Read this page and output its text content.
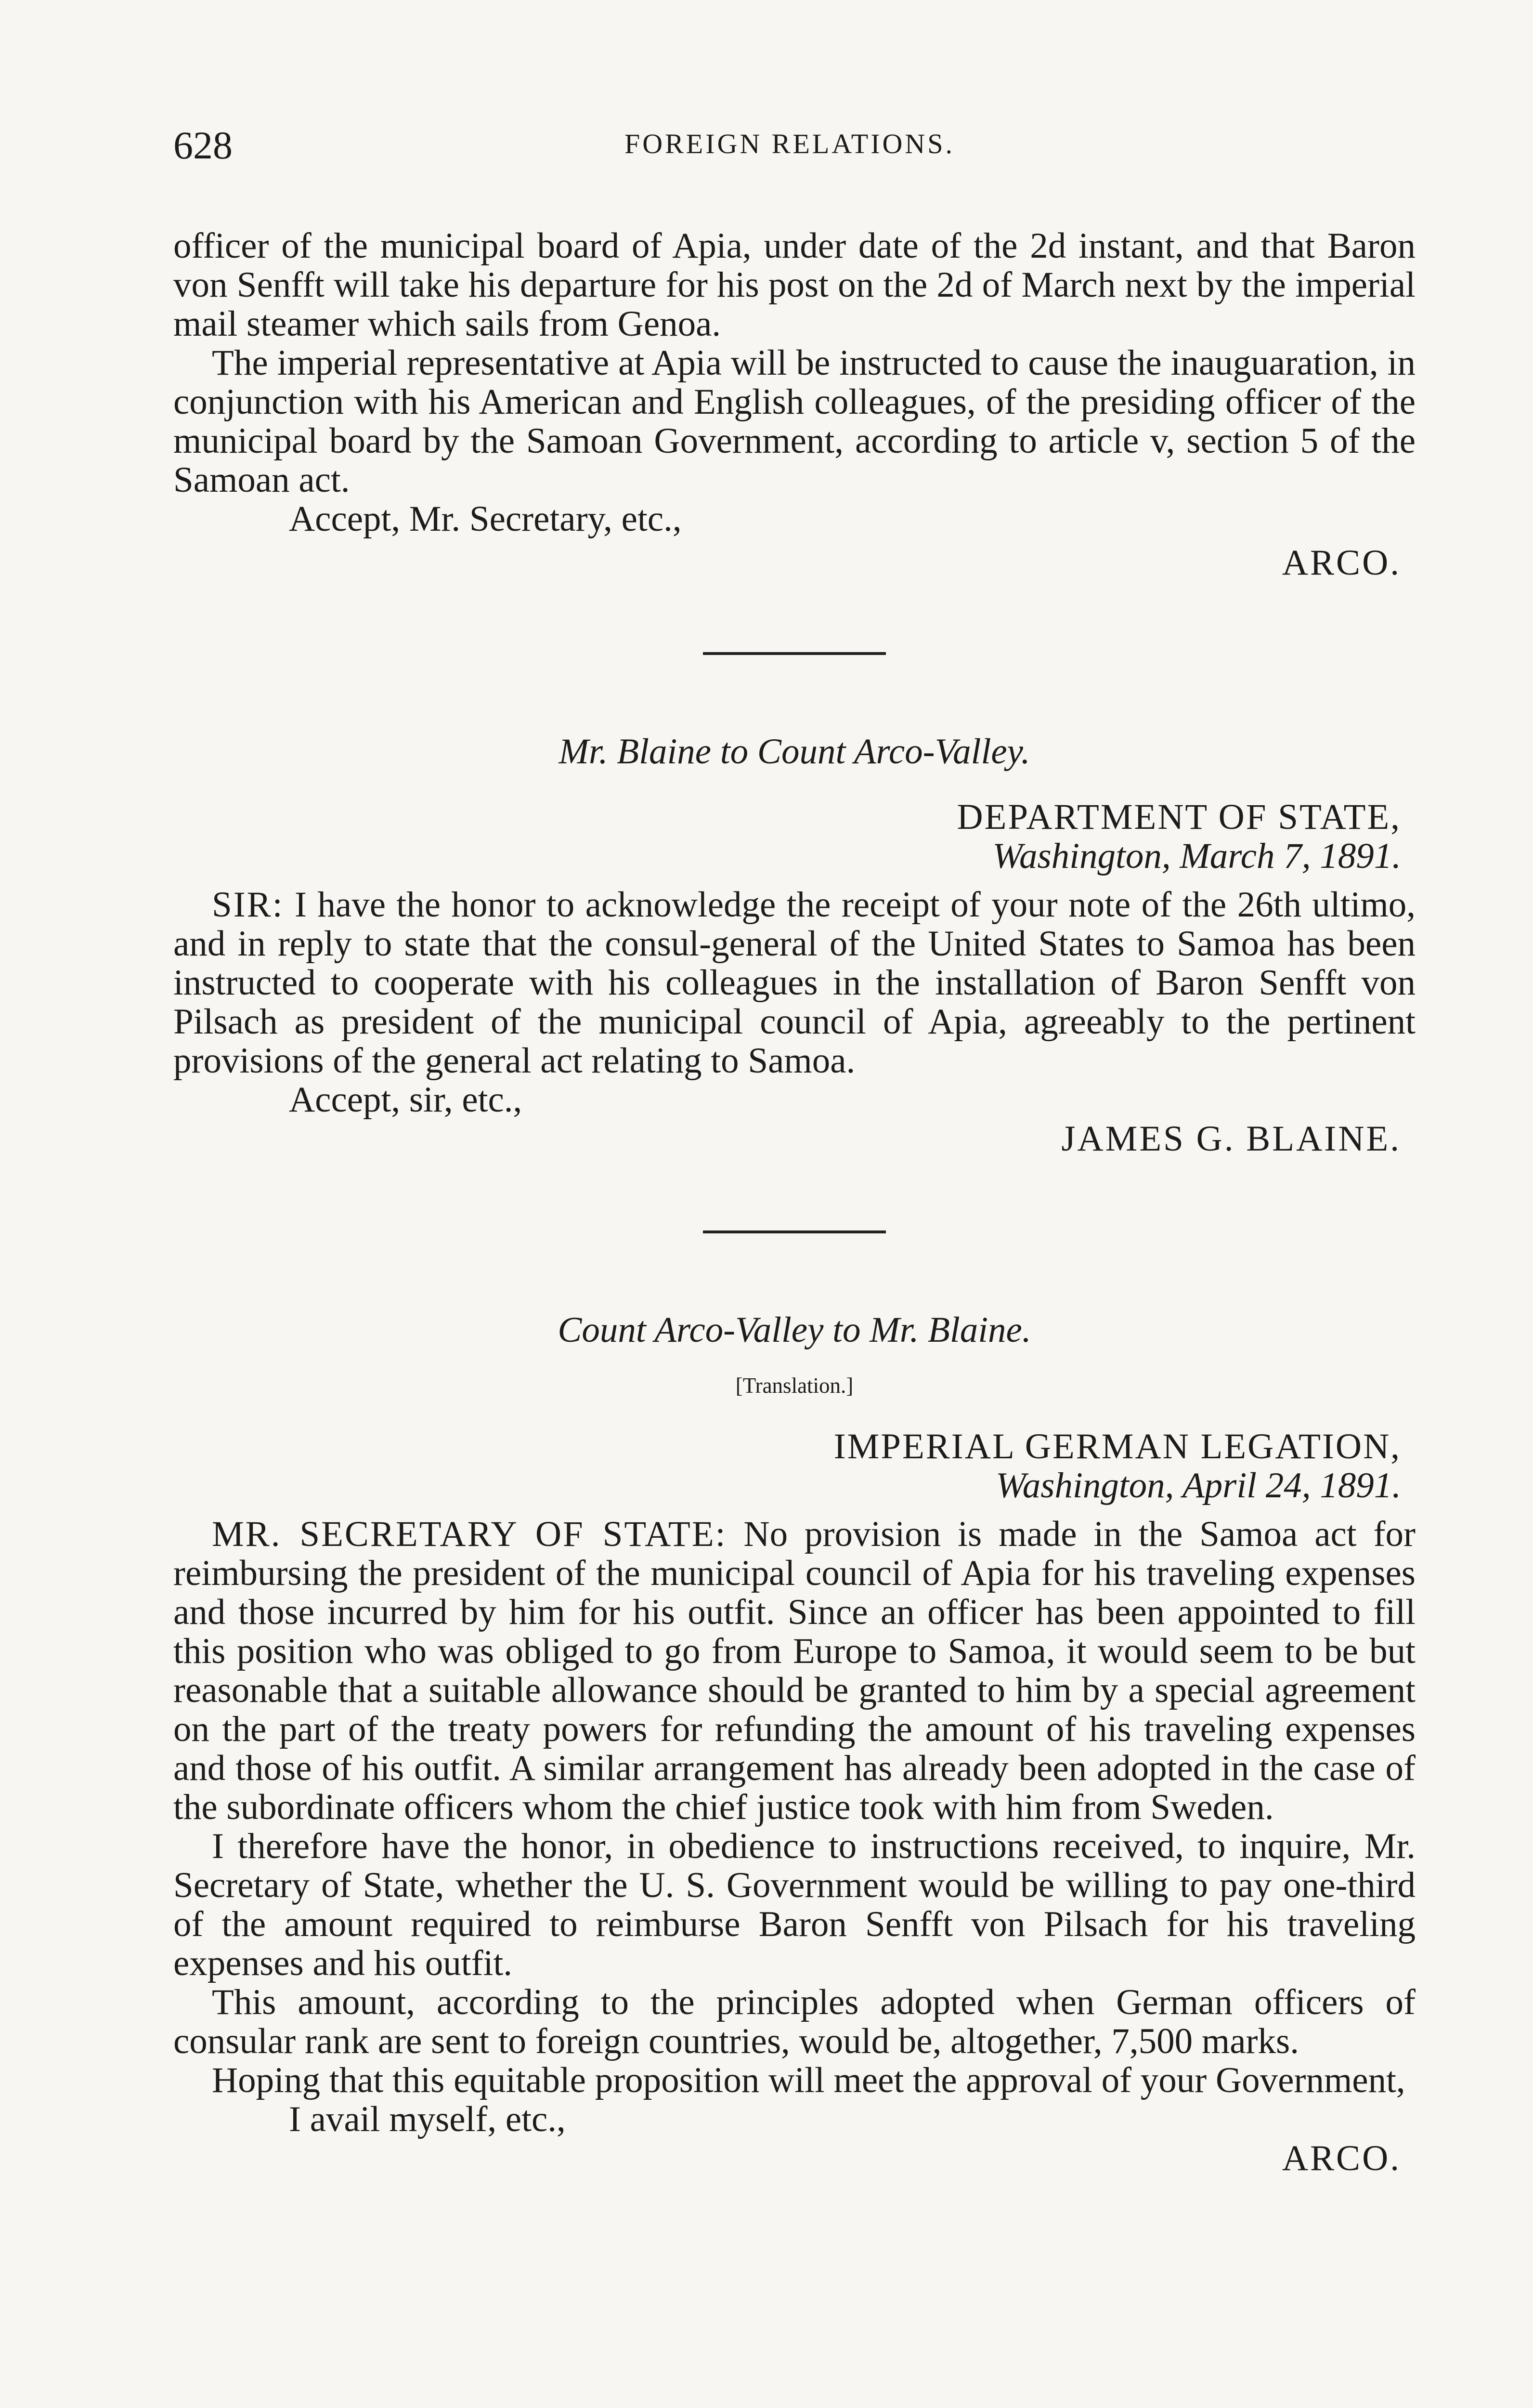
628	FOREIGN RELATIONS.

officer of the municipal board of Apia, under date of the 2d instant, and that Baron von Senfft will take his departure for his post on the 2d of March next by the imperial mail steamer which sails from Genoa.

The imperial representative at Apia will be instructed to cause the inauguaration, in conjunction with his American and English colleagues, of the presiding officer of the municipal board by the Samoan Government, according to article v, section 5 of the Samoan act.

Accept, Mr. Secretary, etc.,

ARCO.

Mr. Blaine to Count Arco-Valley.

DEPARTMENT OF STATE,
Washington, March 7, 1891.

SIR: I have the honor to acknowledge the receipt of your note of the 26th ultimo, and in reply to state that the consul-general of the United States to Samoa has been instructed to cooperate with his colleagues in the installation of Baron Senfft von Pilsach as president of the municipal council of Apia, agreeably to the pertinent provisions of the general act relating to Samoa.

Accept, sir, etc.,

JAMES G. BLAINE.

Count Arco-Valley to Mr. Blaine.

[Translation.]

IMPERIAL GERMAN LEGATION,
Washington, April 24, 1891.

MR. SECRETARY OF STATE: No provision is made in the Samoa act for reimbursing the president of the municipal council of Apia for his traveling expenses and those incurred by him for his outfit. Since an officer has been appointed to fill this position who was obliged to go from Europe to Samoa, it would seem to be but reasonable that a suitable allowance should be granted to him by a special agreement on the part of the treaty powers for refunding the amount of his traveling expenses and those of his outfit. A similar arrangement has already been adopted in the case of the subordinate officers whom the chief justice took with him from Sweden.

I therefore have the honor, in obedience to instructions received, to inquire, Mr. Secretary of State, whether the U. S. Government would be willing to pay one-third of the amount required to reimburse Baron Senfft von Pilsach for his traveling expenses and his outfit.

This amount, according to the principles adopted when German officers of consular rank are sent to foreign countries, would be, altogether, 7,500 marks.

Hoping that this equitable proposition will meet the approval of your Government,

I avail myself, etc.,

ARCO.
